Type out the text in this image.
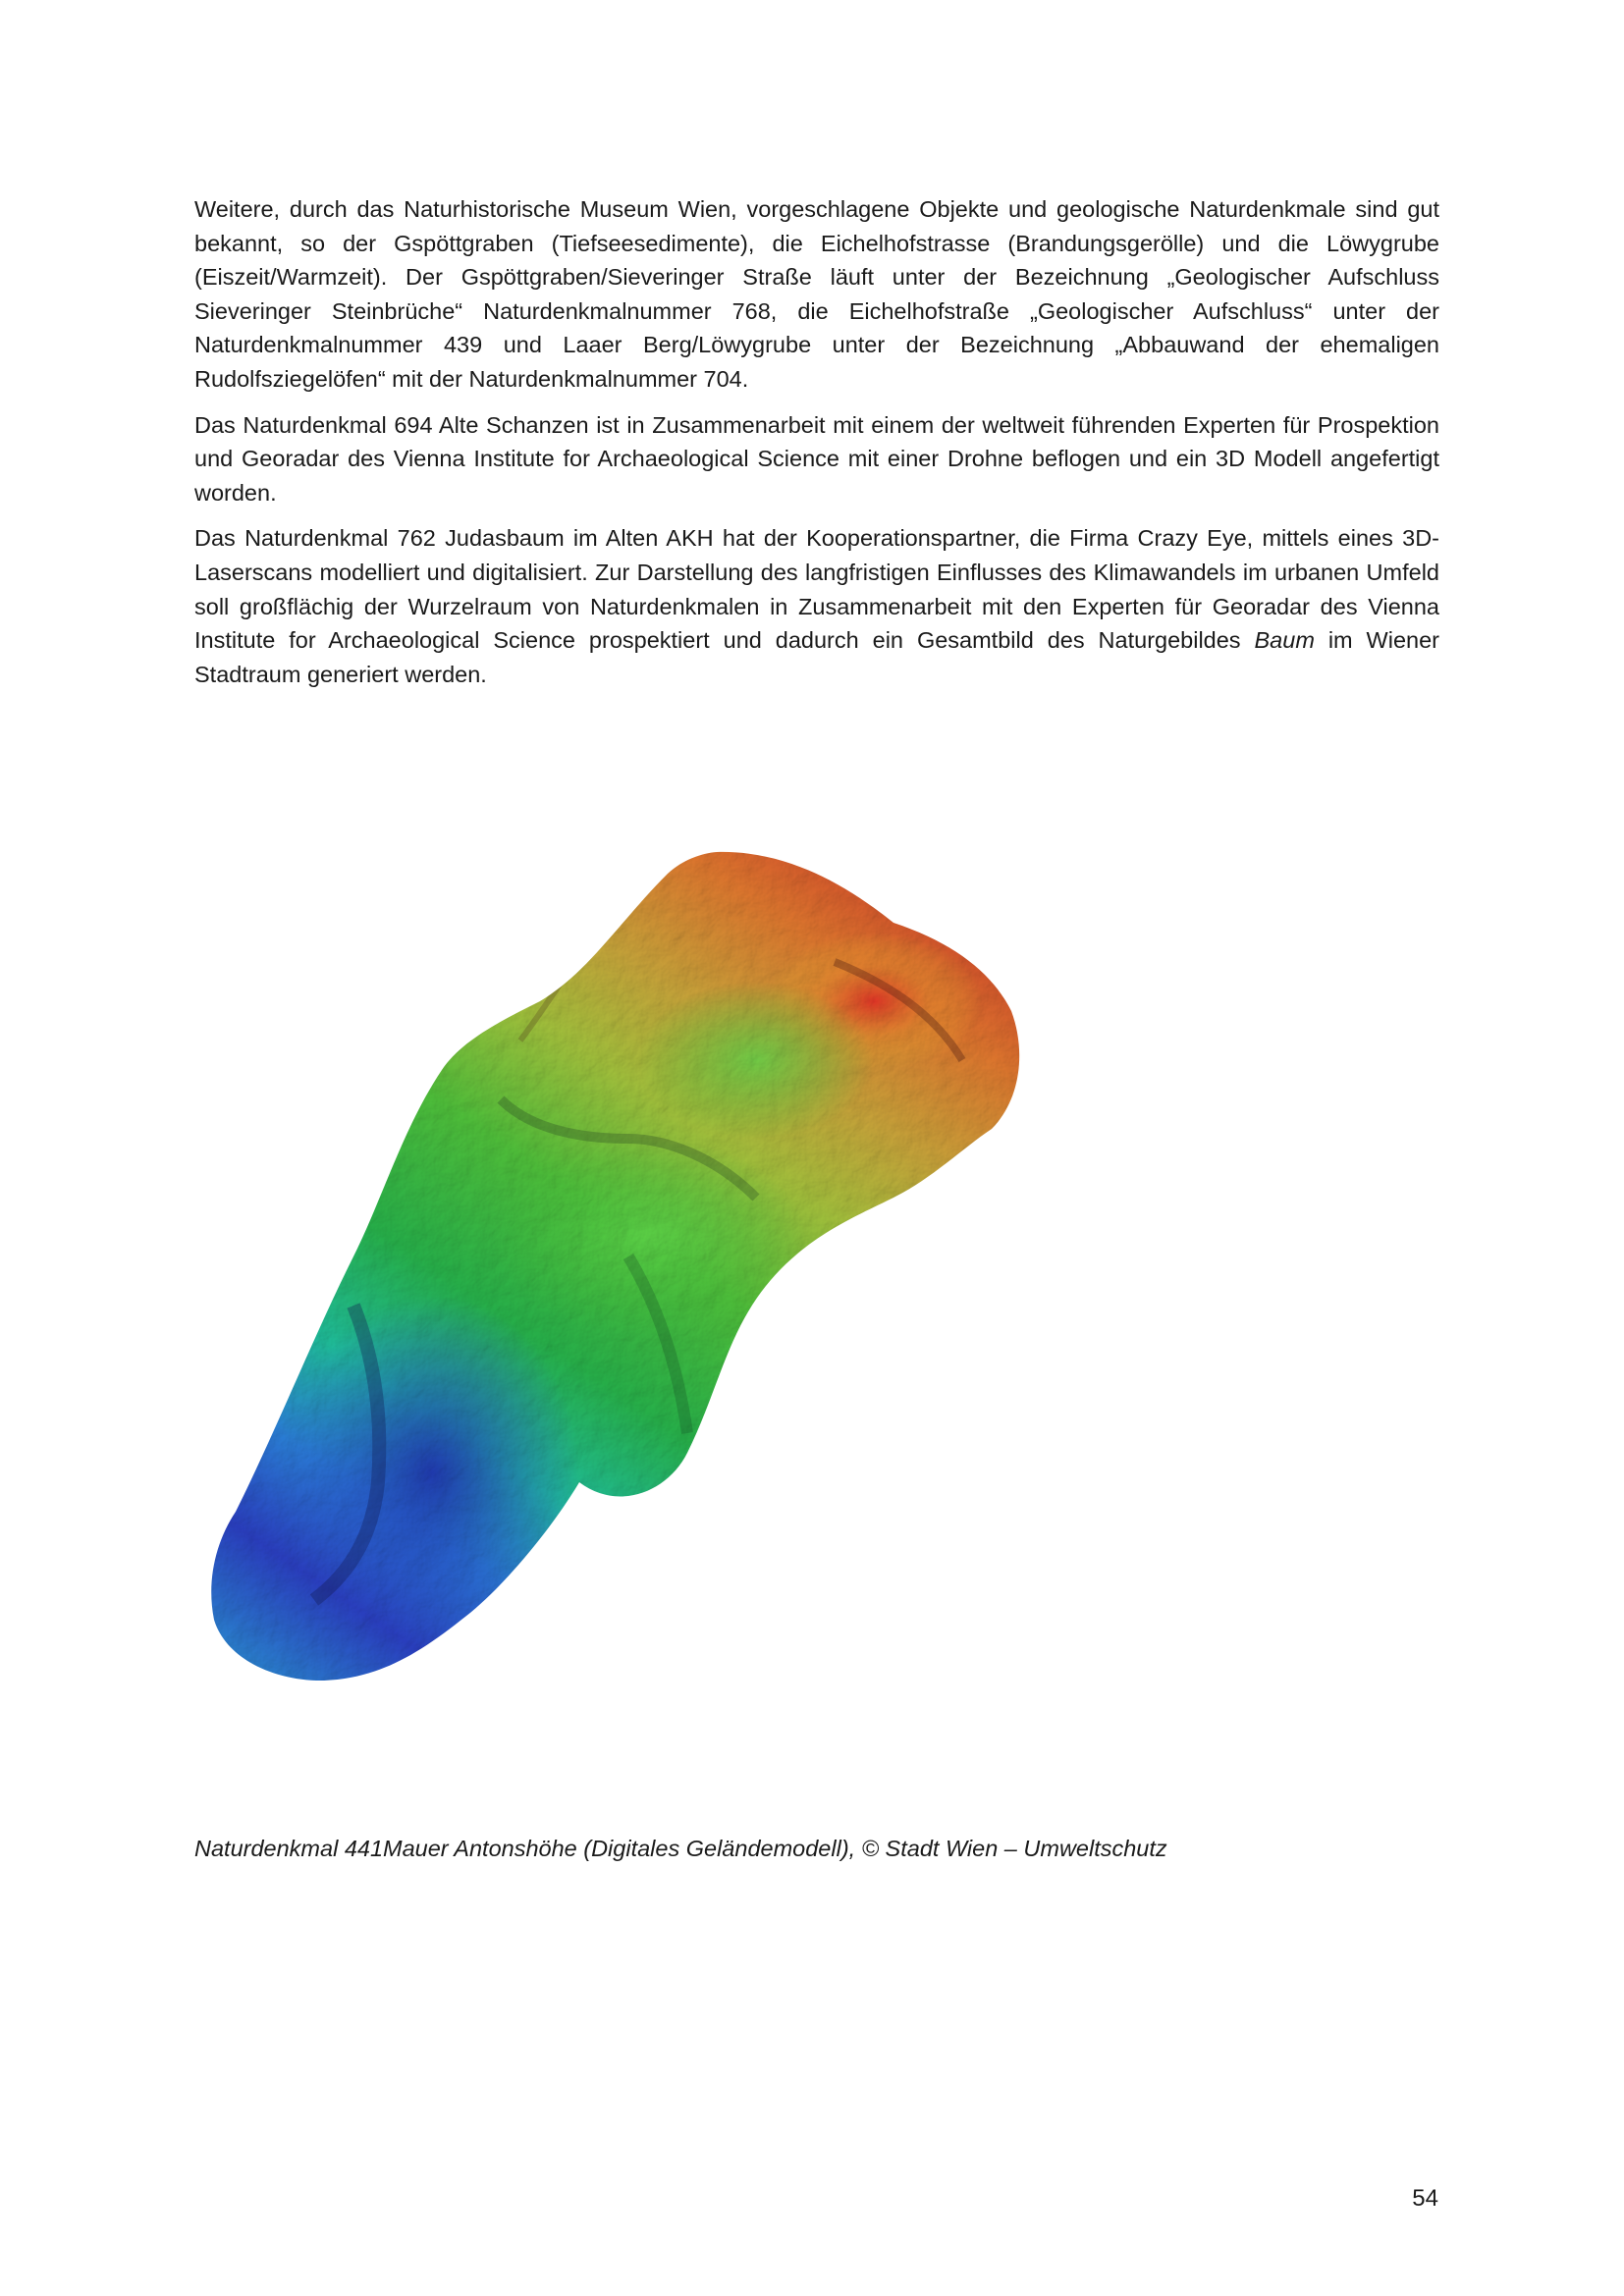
Weitere, durch das Naturhistorische Museum Wien, vorgeschlagene Objekte und geologische Naturdenkmale sind gut bekannt, so der Gspöttgraben (Tiefseesedimente), die Eichelhofstrasse (Brandungsgerölle) und die Löwygrube (Eiszeit/Warmzeit). Der Gspöttgraben/Sieveringer Straße läuft unter der Bezeichnung „Geologischer Aufschluss Sieveringer Steinbrüche“ Naturdenkmalnummer 768, die Eichelhofstraße „Geologischer Aufschluss“ unter der Naturdenkmalnummer 439 und Laaer Berg/Löwygrube unter der Bezeichnung „Abbauwand der ehemaligen Rudolfsziegelöfen“ mit der Naturdenkmalnummer 704.

Das Naturdenkmal 694 Alte Schanzen ist in Zusammenarbeit mit einem der weltweit führenden Experten für Prospektion und Georadar des Vienna Institute for Archaeological Science mit einer Drohne beflogen und ein 3D Modell angefertigt worden.

Das Naturdenkmal 762 Judasbaum im Alten AKH hat der Kooperationspartner, die Firma Crazy Eye, mittels eines 3D-Laserscans modelliert und digitalisiert. Zur Darstellung des langfristigen Einflusses des Klimawandels im urbanen Umfeld soll großflächig der Wurzelraum von Naturdenkmalen in Zusammenarbeit mit den Experten für Georadar des Vienna Institute for Archaeological Science prospektiert und dadurch ein Gesamtbild des Naturgebildes Baum im Wiener Stadtraum generiert werden.

Naturdenkmal 441Mauer Antonshöhe (Digitales Geländemodell), © Stadt Wien – Umweltschutz
54
